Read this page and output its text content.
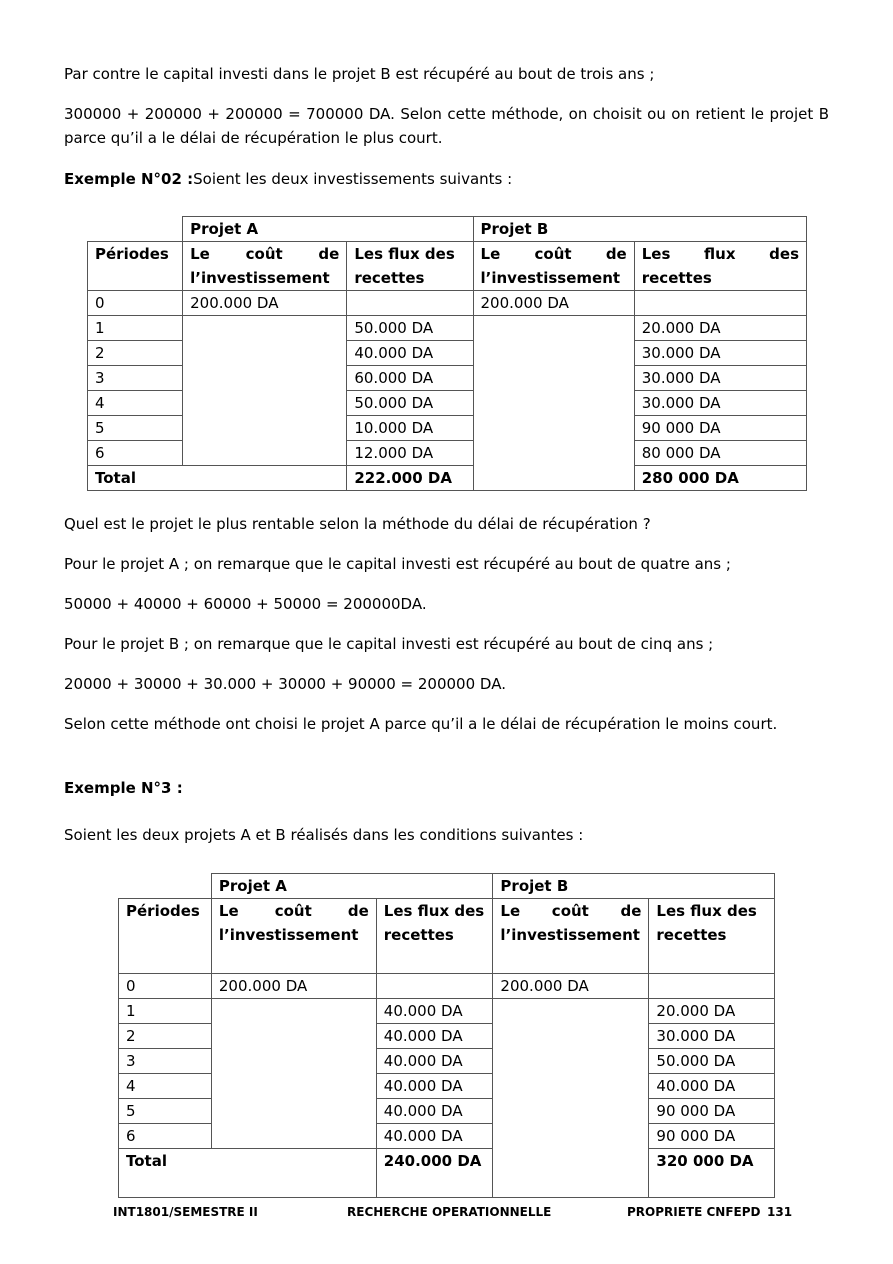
Par contre le capital investi dans le projet B est récupéré au bout de trois ans ;

300000 + 200000 + 200000 = 700000 DA. Selon cette méthode, on choisit ou on retient le projet B parce qu’il a le délai de récupération le plus court.

Exemple N°02 :Soient les deux investissements suivants :

	Projet A		Projet B	
Périodes	Le coût de l’investissement	Les flux des recettes	Le coût de l’investissement	Les flux des recettes
0	200.000 DA		200.000 DA	
1		50.000 DA		20.000 DA
2		40.000 DA		30.000 DA
3		60.000 DA		30.000 DA
4		50.000 DA		30.000 DA
5		10.000 DA		90 000 DA
6		12.000 DA		80 000 DA
Total		222.000 DA		280 000 DA

Quel est le projet le plus rentable selon la méthode du délai de récupération ?

Pour le projet A ; on remarque que le capital investi est récupéré au bout de quatre ans ;

50000 + 40000 + 60000 + 50000 = 200000DA.

Pour le projet B ; on remarque que le capital investi est récupéré au bout de cinq ans ;

20000 + 30000 + 30.000 + 30000 + 90000 = 200000 DA.

Selon cette méthode ont choisi le projet A parce qu’il a le délai de récupération le moins court.

Exemple N°3 :

Soient les deux projets A et B réalisés dans les conditions suivantes :

	Projet A		Projet B	
Périodes	Le coût de l’investissement	Les flux des recettes	Le coût de l’investissement	Les flux des recettes
0	200.000 DA		200.000 DA	
1		40.000 DA		20.000 DA
2		40.000 DA		30.000 DA
3		40.000 DA		50.000 DA
4		40.000 DA		40.000 DA
5		40.000 DA		90 000 DA
6		40.000 DA		90 000 DA
Total		240.000 DA		320 000 DA
INT1801/SEMESTRE II	RECHERCHE OPERATIONNELLE	PROPRIETE CNFEPD 131
